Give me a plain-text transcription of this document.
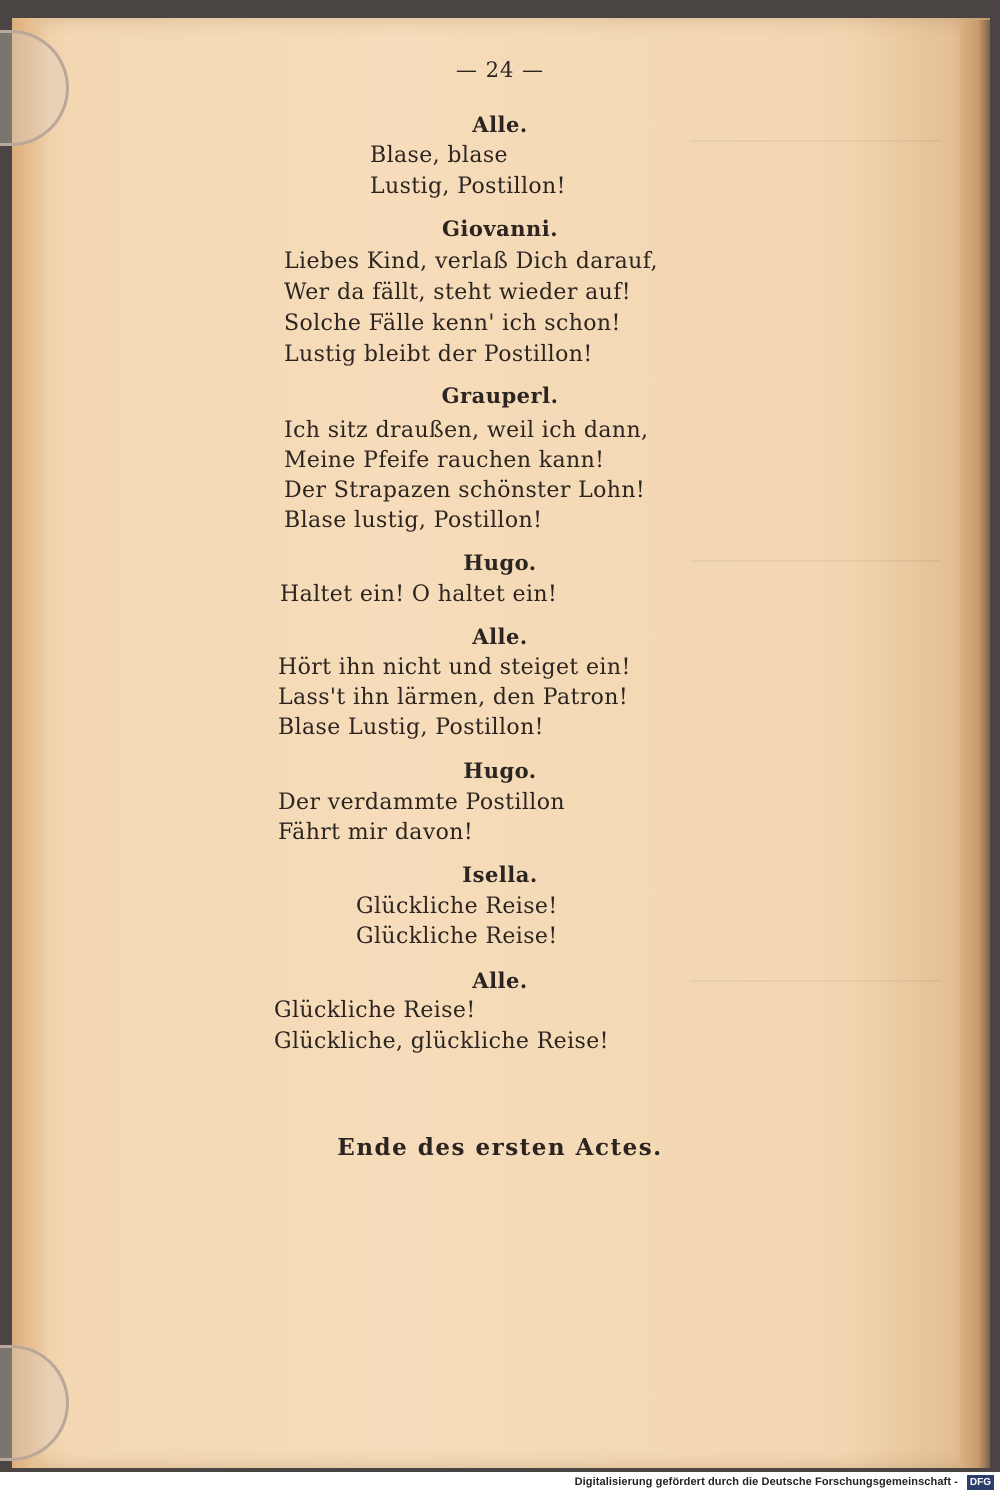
— 24 —
Alle.
Blase, blase
Lustig, Postillon!
Giovanni.
Liebes Kind, verlaß Dich darauf,
Wer da fällt, steht wieder auf!
Solche Fälle kenn' ich schon!
Lustig bleibt der Postillon!
Grauperl.
Ich sitz draußen, weil ich dann,
Meine Pfeife rauchen kann!
Der Strapazen schönster Lohn!
Blase lustig, Postillon!
Hugo.
Haltet ein! O haltet ein!
Alle.
Hört ihn nicht und steiget ein!
Lass't ihn lärmen, den Patron!
Blase Lustig, Postillon!
Hugo.
Der verdammte Postillon
Fährt mir davon!
Isella.
Glückliche Reise!
Glückliche Reise!
Alle.
Glückliche Reise!
Glückliche, glückliche Reise!
Ende des ersten Actes.
Digitalisierung gefördert durch die Deutsche Forschungsgemeinschaft -	DFG
